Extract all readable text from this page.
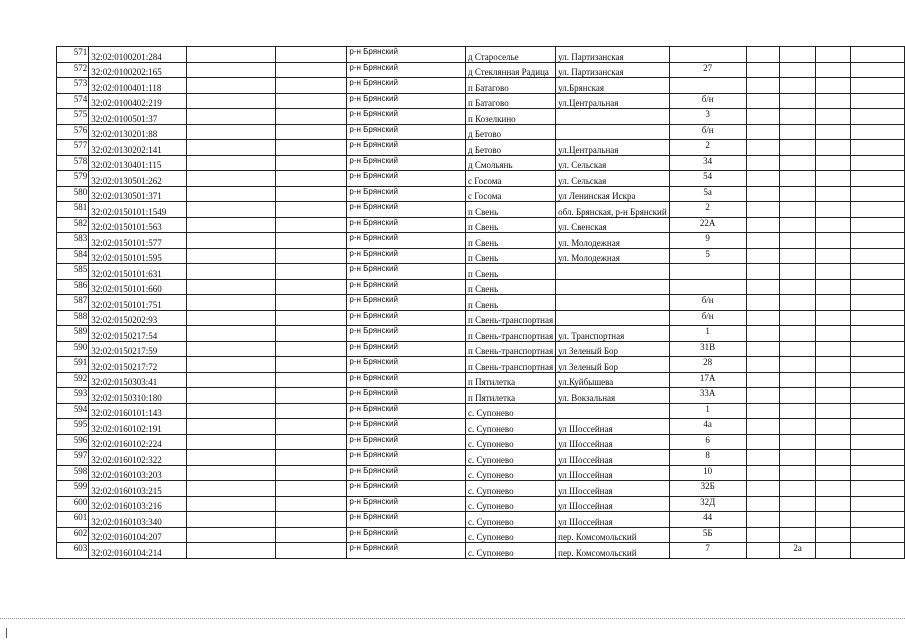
571	32:02:0100201:284			р-н Брянский	д Старосельe	ул. Партизанская					
572	32:02:0100202:165			р-н Брянский	д Стеклянная Радица	ул. Партизанская	27				
573	32:02:0100401:118			р-н Брянский	п Батагово	ул.Брянская					
574	32:02:0100402:219			р-н Брянский	п Батагово	ул.Центральная	б/н				
575	32:02:0100501:37			р-н Брянский	п Козелкино		3				
576	32:02:0130201:88			р-н Брянский	д Бетово		б/н				
577	32:02:0130202:141			р-н Брянский	д Бетово	ул.Центральная	2				
578	32:02:0130401:115			р-н Брянский	д Смольянь	ул. Сельская	34				
579	32:02:0130501:262			р-н Брянский	с Госома	ул. Сельская	54				
580	32:02:0130501:371			р-н Брянский	с Госома	ул Ленинская Искра	5а				
581	32:02:0150101:1549			р-н Брянский	п Свень	обл. Брянская, р-н Брянский	2				
582	32:02:0150101:563			р-н Брянский	п Свень	ул. Свенская	22А				
583	32:02:0150101:577			р-н Брянский	п Свень	ул. Молодежная	9				
584	32:02:0150101:595			р-н Брянский	п Свень	ул. Молодежная	5				
585	32:02:0150101:631			р-н Брянский	п Свень						
586	32:02:0150101:660			р-н Брянский	п Свень						
587	32:02:0150101:751			р-н Брянский	п Свень		б/н				
588	32:02:0150202:93			р-н Брянский	п Свень-транспортная		б/н				
589	32:02:0150217:54			р-н Брянский	п Свень-транспортная	ул. Транспортная	1				
590	32:02:0150217:59			р-н Брянский	п Свень-транспортная	ул Зеленый Бор	31В				
591	32:02:0150217:72			р-н Брянский	п Свень-транспортная	ул Зеленый Бор	28				
592	32:02:0150303:41			р-н Брянский	п Пятилетка	ул.Куйбышева	17А				
593	32:02:0150310:180			р-н Брянский	п Пятилетка	ул. Вокзальная	33А				
594	32:02:0160101:143			р-н Брянский	с. Супонево		1				
595	32:02:0160102:191			р-н Брянский	с. Супонево	ул Шоссейная	4а				
596	32:02:0160102:224			р-н Брянский	с. Супонево	ул Шоссейная	6				
597	32:02:0160102:322			р-н Брянский	с. Супонево	ул Шоссейная	8				
598	32:02:0160103:203			р-н Брянский	с. Супонево	ул Шоссейная	10				
599	32:02:0160103:215			р-н Брянский	с. Супонево	ул Шоссейная	32Б				
600	32:02:0160103:216			р-н Брянский	с. Супонево	ул Шоссейная	32Д				
601	32:02:0160103:340			р-н Брянский	с. Супонево	ул Шоссейная	44				
602	32:02:0160104:207			р-н Брянский	с. Супонево	пер. Комсомольский	5Б				
603	32:02:0160104:214			р-н Брянский	с. Супонево	пер. Комсомольский	7		2а		
